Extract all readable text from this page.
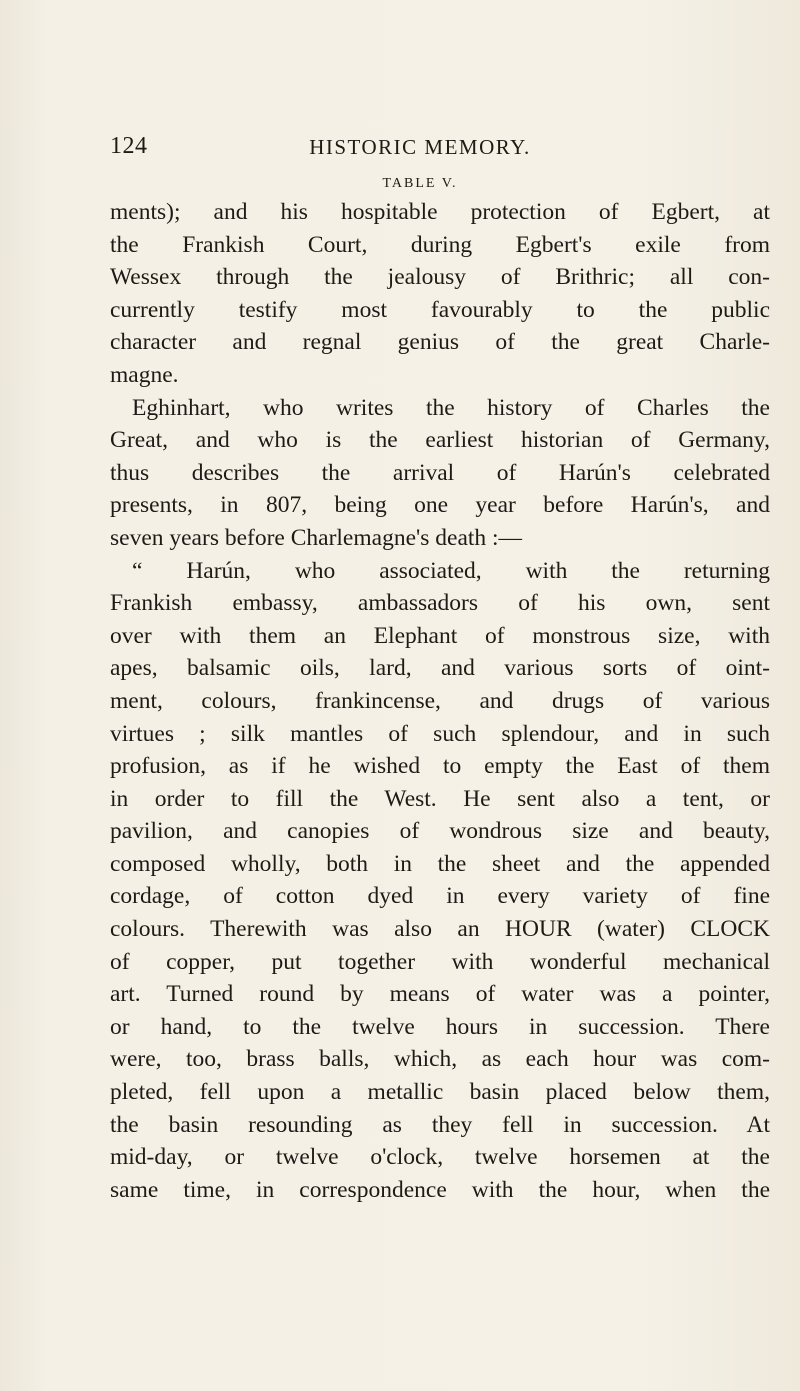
124	HISTORIC MEMORY.
TABLE V.
ments); and his hospitable protection of Egbert, at
the Frankish Court, during Egbert's exile from
Wessex through the jealousy of Brithric; all con-
currently testify most favourably to the public
character and regnal genius of the great Charle-
magne.
Eghinhart, who writes the history of Charles the
Great, and who is the earliest historian of Germany,
thus describes the arrival of Harún's celebrated
presents, in 807, being one year before Harún's, and
seven years before Charlemagne's death :—
“ Harún, who associated, with the returning
Frankish embassy, ambassadors of his own, sent
over with them an Elephant of monstrous size, with
apes, balsamic oils, lard, and various sorts of oint-
ment, colours, frankincense, and drugs of various
virtues ; silk mantles of such splendour, and in such
profusion, as if he wished to empty the East of them
in order to fill the West. He sent also a tent, or
pavilion, and canopies of wondrous size and beauty,
composed wholly, both in the sheet and the appended
cordage, of cotton dyed in every variety of fine
colours. Therewith was also an HOUR (water) CLOCK
of copper, put together with wonderful mechanical
art. Turned round by means of water was a pointer,
or hand, to the twelve hours in succession. There
were, too, brass balls, which, as each hour was com-
pleted, fell upon a metallic basin placed below them,
the basin resounding as they fell in succession. At
mid-day, or twelve o'clock, twelve horsemen at the
same time, in correspondence with the hour, when the
